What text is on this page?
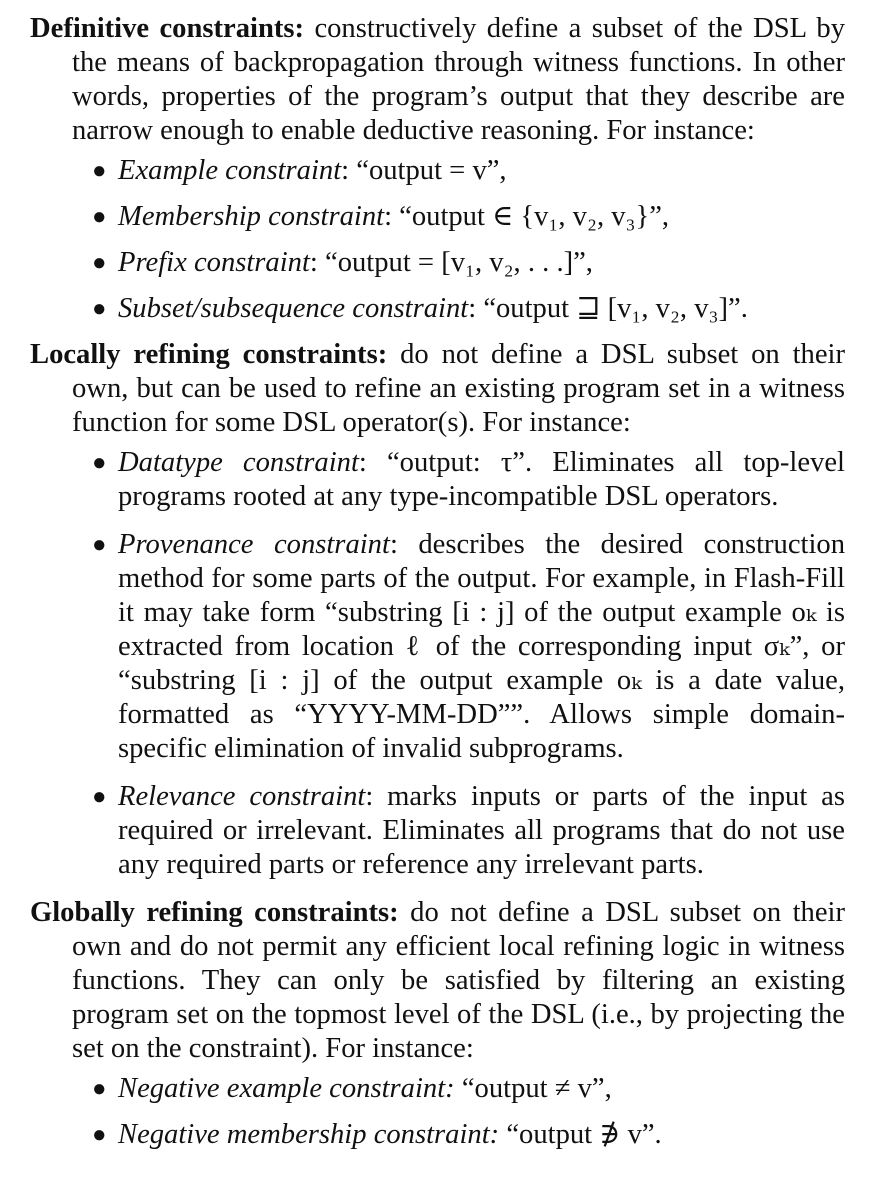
Definitive constraints: constructively define a subset of the DSL by the means of backpropagation through witness functions. In other words, properties of the program’s output that they describe are narrow enough to enable deductive reasoning. For instance:

● Example constraint: “output = v”,
● Membership constraint: “output ∈ {v₁, v₂, v₃}”,
● Prefix constraint: “output = [v₁, v₂, . . .]”,
● Subset/subsequence constraint: “output ⊒ [v₁, v₂, v₃]”.

Locally refining constraints: do not define a DSL subset on their own, but can be used to refine an existing program set in a witness function for some DSL operator(s). For instance:

● Datatype constraint: “output: τ”. Eliminates all top-level programs rooted at any type-incompatible DSL operators.
● Provenance constraint: describes the desired construction method for some parts of the output. For example, in Flash-Fill it may take form “substring [i : j] of the output example oₖ is extracted from location ℓ of the corresponding input σₖ”, or “substring [i : j] of the output example oₖ is a date value, formatted as “YYYY-MM-DD””. Allows simple domain-specific elimination of invalid subprograms.
● Relevance constraint: marks inputs or parts of the input as required or irrelevant. Eliminates all programs that do not use any required parts or reference any irrelevant parts.

Globally refining constraints: do not define a DSL subset on their own and do not permit any efficient local refining logic in witness functions. They can only be satisfied by filtering an existing program set on the topmost level of the DSL (i.e., by projecting the set on the constraint). For instance:

● Negative example constraint: “output ≠ v”,
● Negative membership constraint: “output ∌ v”.
